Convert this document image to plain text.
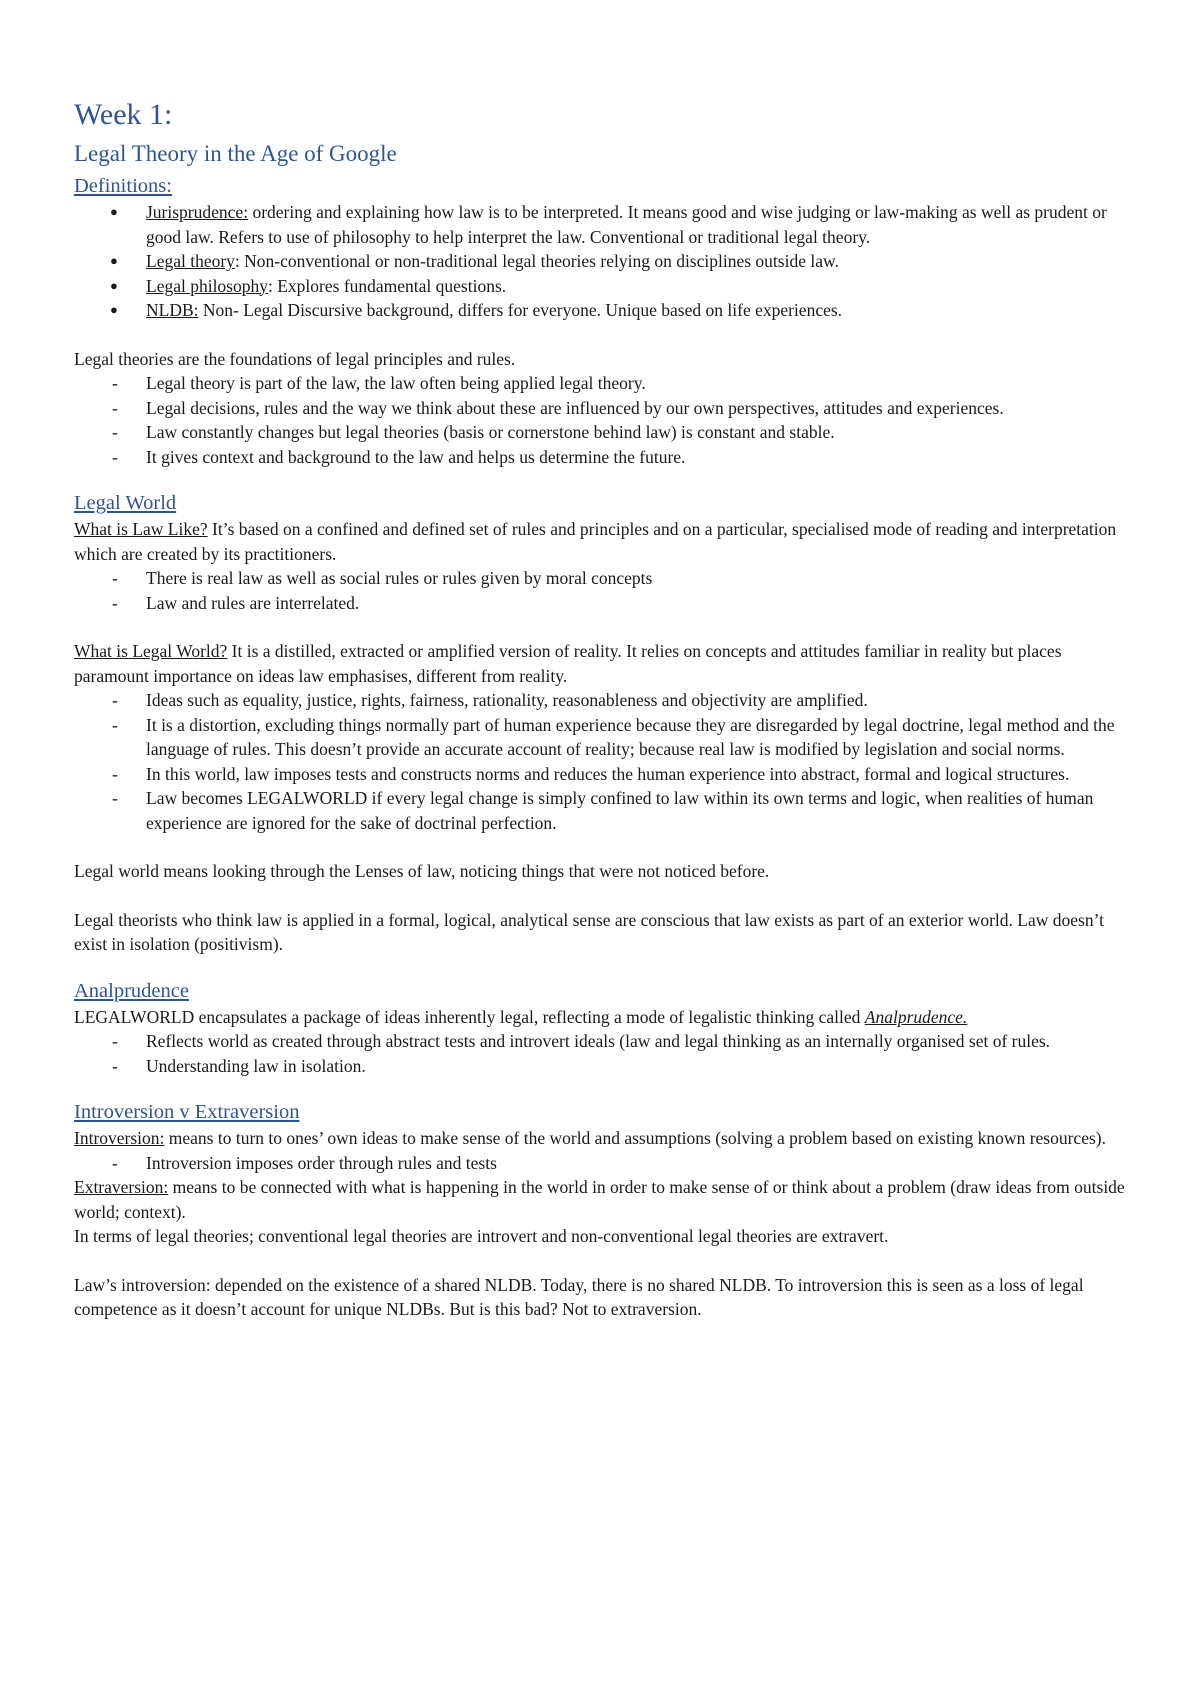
Week 1:
Legal Theory in the Age of Google
Definitions:
● Jurisprudence: ordering and explaining how law is to be interpreted. It means good and wise judging or law-making as well as prudent or good law. Refers to use of philosophy to help interpret the law. Conventional or traditional legal theory.
● Legal theory: Non-conventional or non-traditional legal theories relying on disciplines outside law.
● Legal philosophy: Explores fundamental questions.
● NLDB: Non- Legal Discursive background, differs for everyone. Unique based on life experiences.

Legal theories are the foundations of legal principles and rules.

- Legal theory is part of the law, the law often being applied legal theory.
- Legal decisions, rules and the way we think about these are influenced by our own perspectives, attitudes and experiences.
- Law constantly changes but legal theories (basis or cornerstone behind law) is constant and stable.
- It gives context and background to the law and helps us determine the future.
Legal World

What is Law Like? It’s based on a confined and defined set of rules and principles and on a particular, specialised mode of reading and interpretation which are created by its practitioners.

- There is real law as well as social rules or rules given by moral concepts
- Law and rules are interrelated.

What is Legal World? It is a distilled, extracted or amplified version of reality. It relies on concepts and attitudes familiar in reality but places paramount importance on ideas law emphasises, different from reality.

- Ideas such as equality, justice, rights, fairness, rationality, reasonableness and objectivity are amplified.
- It is a distortion, excluding things normally part of human experience because they are disregarded by legal doctrine, legal method and the language of rules. This doesn’t provide an accurate account of reality; because real law is modified by legislation and social norms.
- In this world, law imposes tests and constructs norms and reduces the human experience into abstract, formal and logical structures.
- Law becomes LEGALWORLD if every legal change is simply confined to law within its own terms and logic, when realities of human experience are ignored for the sake of doctrinal perfection.

Legal world means looking through the Lenses of law, noticing things that were not noticed before.

Legal theorists who think law is applied in a formal, logical, analytical sense are conscious that law exists as part of an exterior world. Law doesn’t exist in isolation (positivism).

Analprudence

LEGALWORLD encapsulates a package of ideas inherently legal, reflecting a mode of legalistic thinking called Analprudence.

- Reflects world as created through abstract tests and introvert ideals (law and legal thinking as an internally organised set of rules.
- Understanding law in isolation.
Introversion v Extraversion

Introversion: means to turn to ones’ own ideas to make sense of the world and assumptions (solving a problem based on existing known resources).

- Introversion imposes order through rules and tests

Extraversion: means to be connected with what is happening in the world in order to make sense of or think about a problem (draw ideas from outside world; context).

In terms of legal theories; conventional legal theories are introvert and non-conventional legal theories are extravert.

Law’s introversion: depended on the existence of a shared NLDB. Today, there is no shared NLDB. To introversion this is seen as a loss of legal competence as it doesn’t account for unique NLDBs. But is this bad? Not to extraversion.
